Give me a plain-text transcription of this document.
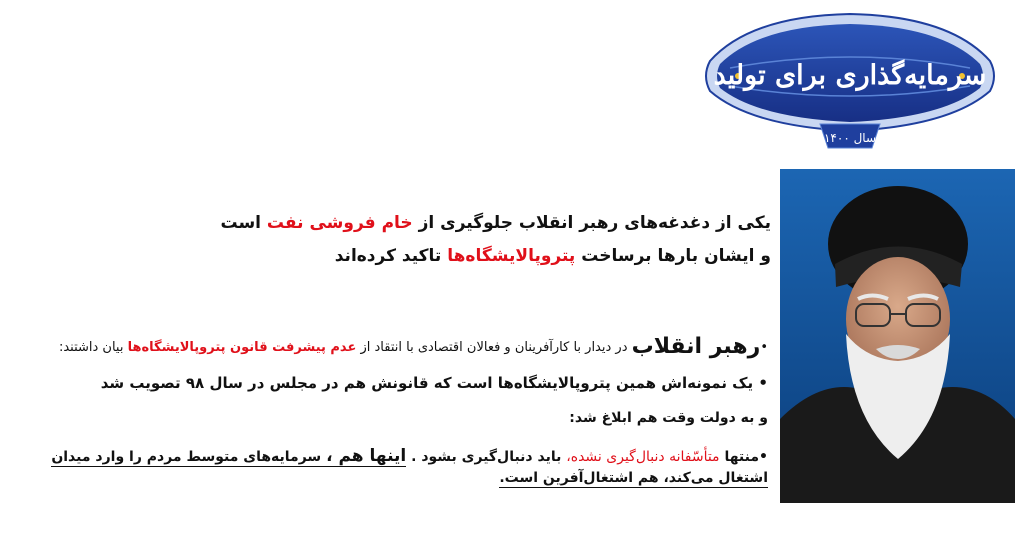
سرمایه‌گذاری برای تولید
سال ۱۴۰۰
یکی از دغدغه‌های رهبر انقلاب جلوگیری از خام فروشی نفت است
و ایشان بارها برساخت پتروپالایشگاه‌ها تاکید کرده‌اند
•رهبر انقلاب در دیدار با کارآفرینان و فعالان اقتصادی با انتقاد از عدم پیشرفت قانون پتروپالایشگاه‌ها بیان داشتند:
• یک نمونه‌اش همین پتروپالایشگاه‌ها است که قانونش هم در مجلس در سال ۹۸ تصویب شد
و به دولت وقت هم ابلاغ شد:
•منتها متأسّفانه دنبال‌گیری نشده، باید دنبال‌گیری بشود . اینها هم ، سرمایه‌های متوسط مردم را وارد میدان
اشتغال می‌کند، هم اشتغال‌آفرین است.
